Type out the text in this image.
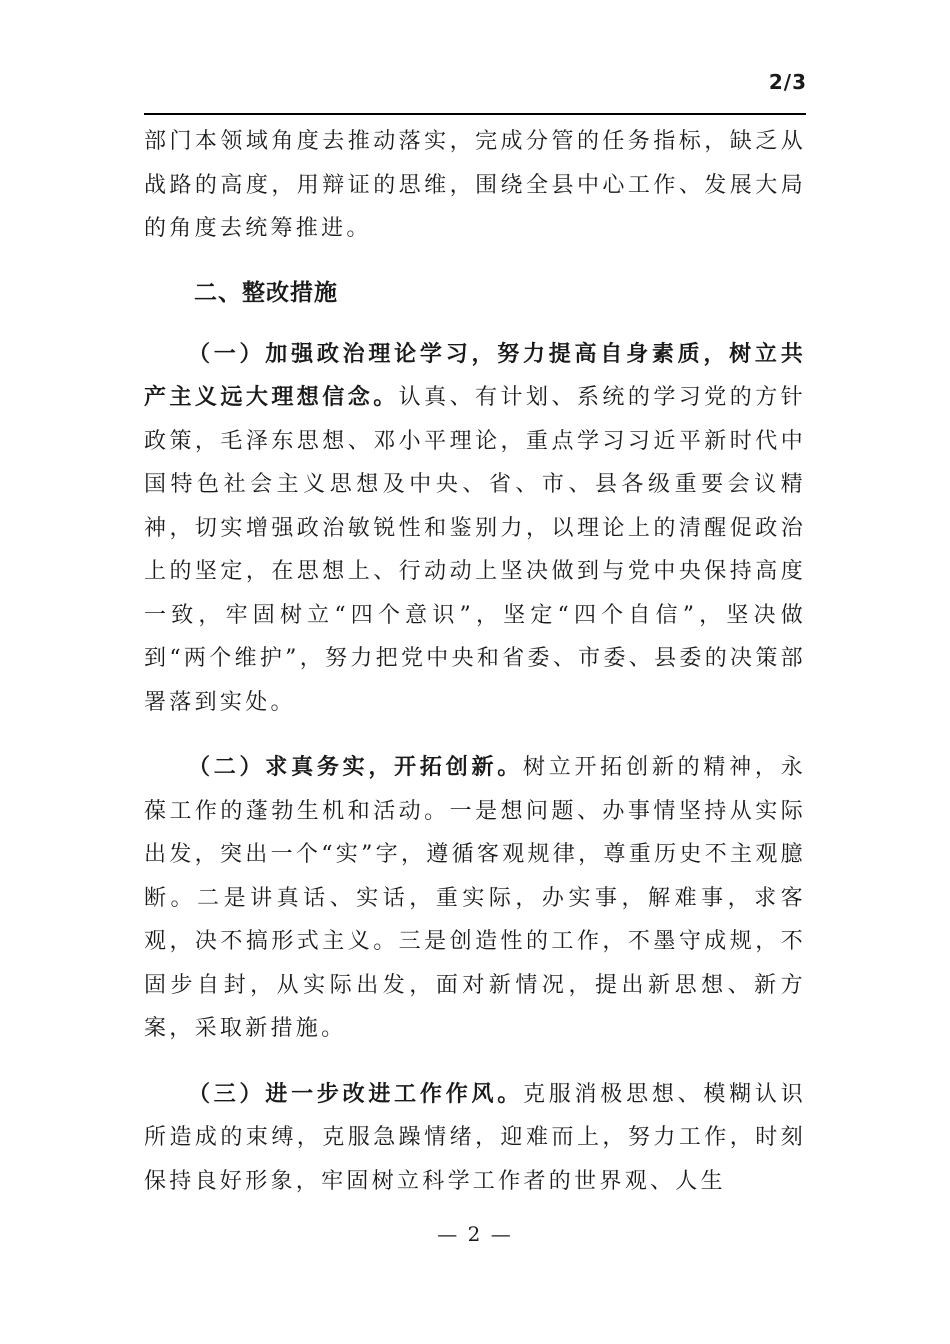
2/3

部门本领域角度去推动落实，完成分管的任务指标，缺乏从战路的高度，用辩证的思维，围绕全县中心工作、发展大局的角度去统筹推进。

二、整改措施

（一）加强政治理论学习，努力提高自身素质，树立共产主义远大理想信念。认真、有计划、系统的学习党的方针政策，毛泽东思想、邓小平理论，重点学习习近平新时代中国特色社会主义思想及中央、省、市、县各级重要会议精神，切实增强政治敏锐性和鉴别力，以理论上的清醒促政治上的坚定，在思想上、行动动上坚决做到与党中央保持高度一致，牢固树立“四个意识”，坚定“四个自信”，坚决做到“两个维护”，努力把党中央和省委、市委、县委的决策部署落到实处。

（二）求真务实，开拓创新。树立开拓创新的精神，永葆工作的蓬勃生机和活动。一是想问题、办事情坚持从实际出发，突出一个“实”字，遵循客观规律，尊重历史不主观臆断。二是讲真话、实话，重实际，办实事，解难事，求客观，决不搞形式主义。三是创造性的工作，不墨守成规，不固步自封，从实际出发，面对新情况，提出新思想、新方案，采取新措施。

（三）进一步改进工作作风。克服消极思想、模糊认识所造成的束缚，克服急躁情绪，迎难而上，努力工作，时刻保持良好形象，牢固树立科学工作者的世界观、人生

— 2 —
